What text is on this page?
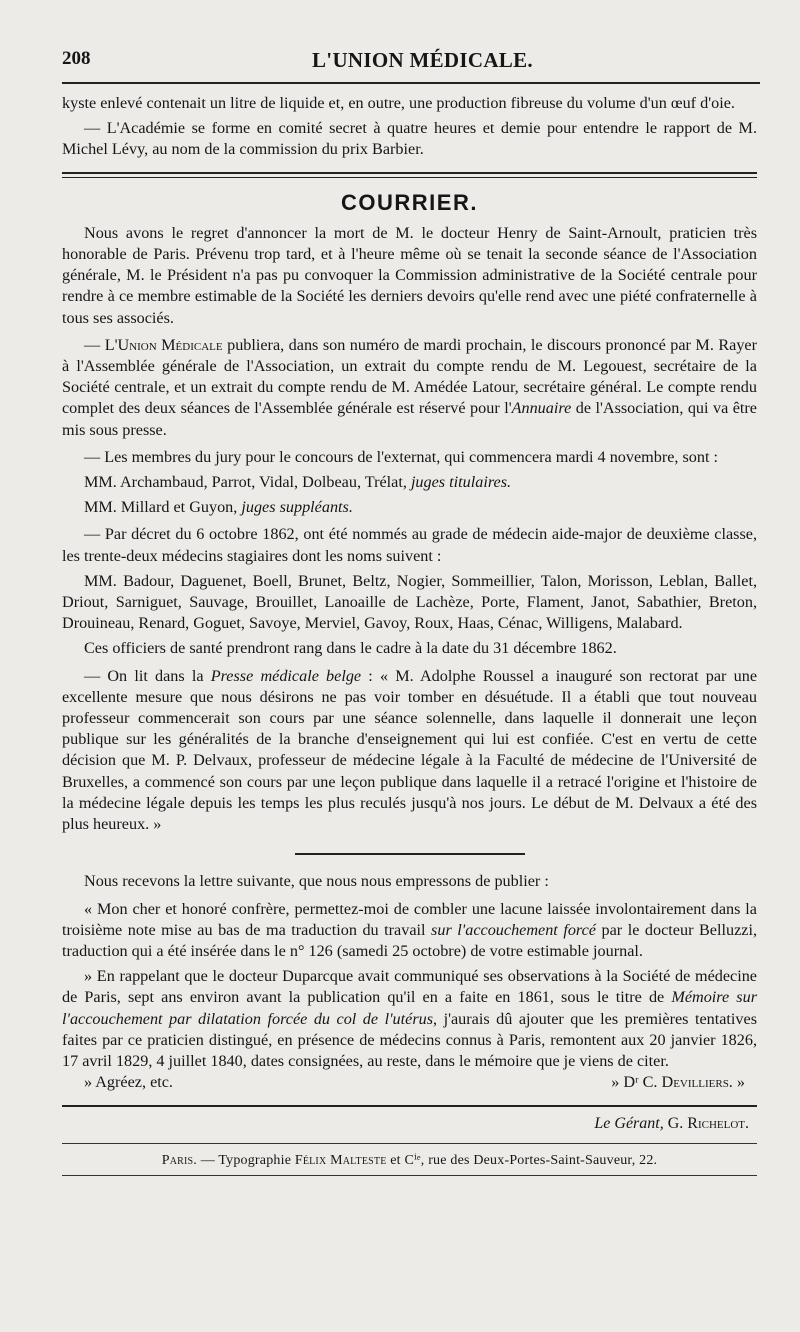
208	L'UNION MÉDICALE.

kyste enlevé contenait un litre de liquide et, en outre, une production fibreuse du volume d'un œuf d'oie.

— L'Académie se forme en comité secret à quatre heures et demie pour entendre le rapport de M. Michel Lévy, au nom de la commission du prix Barbier.

COURRIER.

Nous avons le regret d'annoncer la mort de M. le docteur Henry de Saint-Arnoult, praticien très honorable de Paris. Prévenu trop tard, et à l'heure même où se tenait la seconde séance de l'Association générale, M. le Président n'a pas pu convoquer la Commission administrative de la Société centrale pour rendre à ce membre estimable de la Société les derniers devoirs qu'elle rend avec une piété confraternelle à tous ses associés.

— L'Union Médicale publiera, dans son numéro de mardi prochain, le discours prononcé par M. Rayer à l'Assemblée générale de l'Association, un extrait du compte rendu de M. Legouest, secrétaire de la Société centrale, et un extrait du compte rendu de M. Amédée Latour, secrétaire général. Le compte rendu complet des deux séances de l'Assemblée générale est réservé pour l'Annuaire de l'Association, qui va être mis sous presse.

— Les membres du jury pour le concours de l'externat, qui commencera mardi 4 novembre, sont :

MM. Archambaud, Parrot, Vidal, Dolbeau, Trélat, juges titulaires.

MM. Millard et Guyon, juges suppléants.

— Par décret du 6 octobre 1862, ont été nommés au grade de médecin aide-major de deuxième classe, les trente-deux médecins stagiaires dont les noms suivent :

MM. Badour, Daguenet, Boell, Brunet, Beltz, Nogier, Sommeillier, Talon, Morisson, Leblan, Ballet, Driout, Sarniguet, Sauvage, Brouillet, Lanoaille de Lachèze, Porte, Flament, Janot, Sabathier, Breton, Drouineau, Renard, Goguet, Savoye, Merviel, Gavoy, Roux, Haas, Cénac, Willigens, Malabard.

Ces officiers de santé prendront rang dans le cadre à la date du 31 décembre 1862.

— On lit dans la Presse médicale belge : « M. Adolphe Roussel a inauguré son rectorat par une excellente mesure que nous désirons ne pas voir tomber en désuétude. Il a établi que tout nouveau professeur commencerait son cours par une séance solennelle, dans laquelle il donnerait une leçon publique sur les généralités de la branche d'enseignement qui lui est confiée. C'est en vertu de cette décision que M. P. Delvaux, professeur de médecine légale à la Faculté de médecine de l'Université de Bruxelles, a commencé son cours par une leçon publique dans laquelle il a retracé l'origine et l'histoire de la médecine légale depuis les temps les plus reculés jusqu'à nos jours. Le début de M. Delvaux a été des plus heureux. »

Nous recevons la lettre suivante, que nous nous empressons de publier :

« Mon cher et honoré confrère, permettez-moi de combler une lacune laissée involontairement dans la troisième note mise au bas de ma traduction du travail sur l'accouchement forcé par le docteur Belluzzi, traduction qui a été insérée dans le n° 126 (samedi 25 octobre) de votre estimable journal.

» En rappelant que le docteur Duparcque avait communiqué ses observations à la Société de médecine de Paris, sept ans environ avant la publication qu'il en a faite en 1861, sous le titre de Mémoire sur l'accouchement par dilatation forcée du col de l'utérus, j'aurais dû ajouter que les premières tentatives faites par ce praticien distingué, en présence de médecins connus à Paris, remontent aux 20 janvier 1826, 17 avril 1829, 4 juillet 1840, dates consignées, au reste, dans le mémoire que je viens de citer.

» Agréez, etc.	» Dʳ C. Devilliers. »

Le Gérant, G. Richelot.

Paris. — Typographie Félix Malteste et Cⁱᵉ, rue des Deux-Portes-Saint-Sauveur, 22.
